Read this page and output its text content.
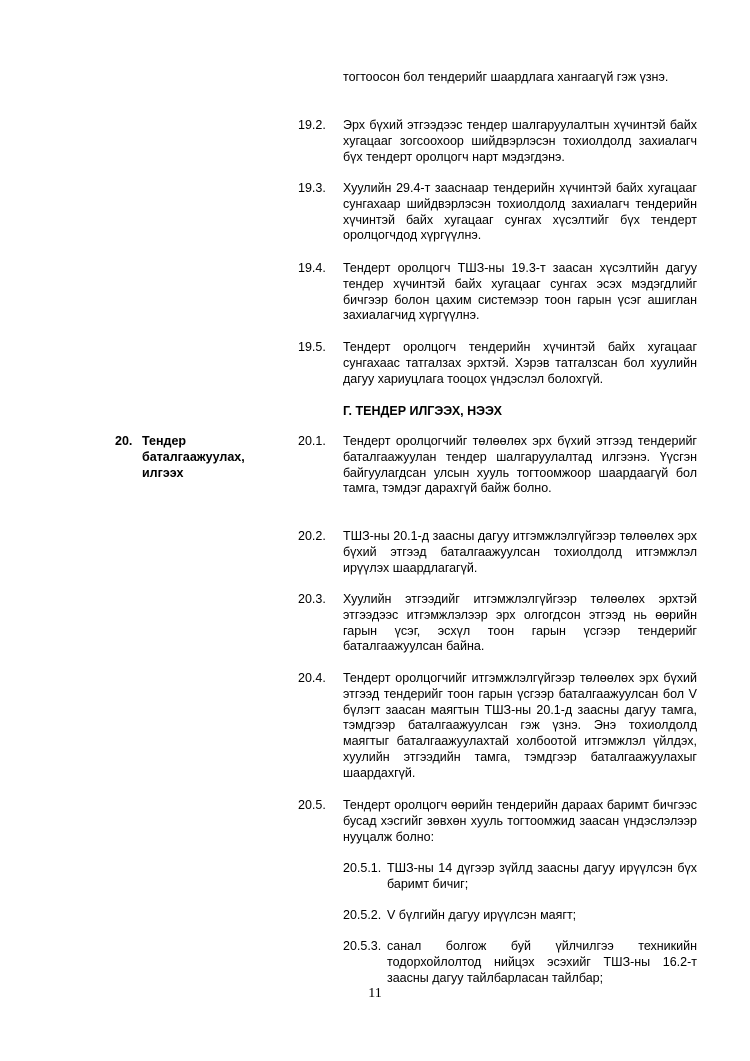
тогтоосон бол тендерийг шаардлага хангаагүй гэж үзнэ.
19.2. Эрх бүхий этгээдээс тендер шалгаруулалтын хүчинтэй байх хугацааг зогсоохоор шийдвэрлэсэн тохиолдолд захиалагч бүх тендерт оролцогч нарт мэдэгдэнэ.
19.3. Хуулийн 29.4-т зааснаар тендерийн хүчинтэй байх хугацааг сунгахаар шийдвэрлэсэн тохиолдолд захиалагч тендерийн хүчинтэй байх хугацааг сунгах хүсэлтийг бүх тендерт оролцогчдод хүргүүлнэ.
19.4. Тендерт оролцогч ТШЗ-ны 19.3-т заасан хүсэлтийн дагуу тендер хүчинтэй байх хугацааг сунгах эсэх мэдэгдлийг бичгээр болон цахим системээр тоон гарын үсэг ашиглан захиалагчид хүргүүлнэ.
19.5. Тендерт оролцогч тендерийн хүчинтэй байх хугацааг сунгахаас татгалзах эрхтэй. Хэрэв татгалзсан бол хуулийн дагуу хариуцлага тооцох үндэслэл болохгүй.
Г. ТЕНДЕР ИЛГЭЭХ, НЭЭХ
20. Тендер баталгаажуулах, илгээх
20.1. Тендерт оролцогчийг төлөөлөх эрх бүхий этгээд тендерийг баталгаажуулан тендер шалгаруулалтад илгээнэ. Үүсгэн байгуулагдсан улсын хууль тогтоомжоор шаардаагүй бол тамга, тэмдэг дарахгүй байж болно.
20.2. ТШЗ-ны 20.1-д заасны дагуу итгэмжлэлгүйгээр төлөөлөх эрх бүхий этгээд баталгаажуулсан тохиолдолд итгэмжлэл ирүүлэх шаардлагагүй.
20.3. Хуулийн этгээдийг итгэмжлэлгүйгээр төлөөлөх эрхтэй этгээдээс итгэмжлэлээр эрх олгогдсон этгээд нь өөрийн гарын үсэг, эсхүл тоон гарын үсгээр тендерийг баталгаажуулсан байна.
20.4. Тендерт оролцогчийг итгэмжлэлгүйгээр төлөөлөх эрх бүхий этгээд тендерийг тоон гарын үсгээр баталгаажуулсан бол V бүлэгт заасан маягтын ТШЗ-ны 20.1-д заасны дагуу тамга, тэмдгээр баталгаажуулсан гэж үзнэ. Энэ тохиолдолд маягтыг баталгаажуулахтай холбоотой итгэмжлэл үйлдэх, хуулийн этгээдийн тамга, тэмдгээр баталгаажуулахыг шаардахгүй.
20.5. Тендерт оролцогч өөрийн тендерийн дараах баримт бичгээс бусад хэсгийг зөвхөн хууль тогтоомжид заасан үндэслэлээр нууцалж болно:
20.5.1. ТШЗ-ны 14 дүгээр зүйлд заасны дагуу ирүүлсэн бүх баримт бичиг;
20.5.2. V бүлгийн дагуу ирүүлсэн маягт;
20.5.3. санал болгож буй үйлчилгээ техникийн тодорхойлолтод нийцэх эсэхийг ТШЗ-ны 16.2-т заасны дагуу тайлбарласан тайлбар;
11
